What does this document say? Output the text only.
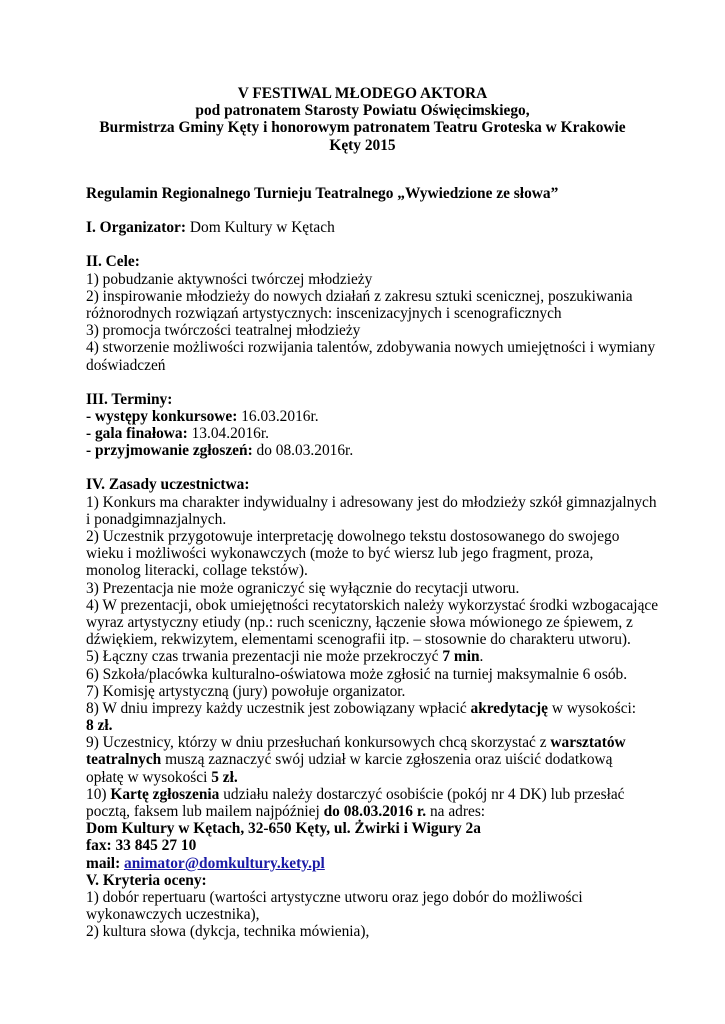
V FESTIWAL MŁODEGO AKTORA
pod patronatem Starosty Powiatu Oświęcimskiego,
Burmistrza Gminy Kęty i honorowym patronatem Teatru Groteska w Krakowie
Kęty 2015
Regulamin Regionalnego Turnieju Teatralnego „Wywiedzione ze słowa”
I. Organizator: Dom Kultury w Kętach
II. Cele:
1) pobudzanie aktywności twórczej młodzieży
2) inspirowanie młodzieży do nowych działań z zakresu sztuki scenicznej, poszukiwania
różnorodnych rozwiązań artystycznych: inscenizacyjnych i scenograficznych
3) promocja twórczości teatralnej młodzieży
4) stworzenie możliwości rozwijania talentów, zdobywania nowych umiejętności i wymiany
doświadczeń
III. Terminy:
- występy konkursowe: 16.03.2016r.
- gala finałowa: 13.04.2016r.
- przyjmowanie zgłoszeń: do 08.03.2016r.
IV. Zasady uczestnictwa:
1) Konkurs ma charakter indywidualny i adresowany jest do młodzieży szkół gimnazjalnych
i ponadgimnazjalnych.
2) Uczestnik przygotowuje interpretację dowolnego tekstu dostosowanego do swojego
wieku i możliwości wykonawczych (może to być wiersz lub jego fragment, proza,
monolog literacki, collage tekstów).
3) Prezentacja nie może ograniczyć się wyłącznie do recytacji utworu.
4) W prezentacji, obok umiejętności recytatorskich należy wykorzystać środki wzbogacające
wyraz artystyczny etiudy (np.: ruch sceniczny, łączenie słowa mówionego ze śpiewem, z
dźwiękiem, rekwizytem, elementami scenografii itp. – stosownie do charakteru utworu).
5) Łączny czas trwania prezentacji nie może przekroczyć 7 min.
6) Szkoła/placówka kulturalno-oświatowa może zgłosić na turniej maksymalnie 6 osób.
7) Komisję artystyczną (jury) powołuje organizator.
8) W dniu imprezy każdy uczestnik jest zobowiązany wpłacić akredytację w wysokości:
8 zł.
9) Uczestnicy, którzy w dniu przesłuchań konkursowych chcą skorzystać z warsztatów
teatralnych muszą zaznaczyć swój udział w karcie zgłoszenia oraz uiścić dodatkową
opłatę w wysokości 5 zł.
10) Kartę zgłoszenia udziału należy dostarczyć osobiście (pokój nr 4 DK) lub przesłać
pocztą, faksem lub mailem najpóźniej do 08.03.2016 r. na adres:
Dom Kultury w Kętach, 32-650 Kęty, ul. Żwirki i Wigury 2a
fax: 33 845 27 10
mail: animator@domkultury.kety.pl
V. Kryteria oceny:
1) dobór repertuaru (wartości artystyczne utworu oraz jego dobór do możliwości
wykonawczych uczestnika),
2) kultura słowa (dykcja, technika mówienia),
